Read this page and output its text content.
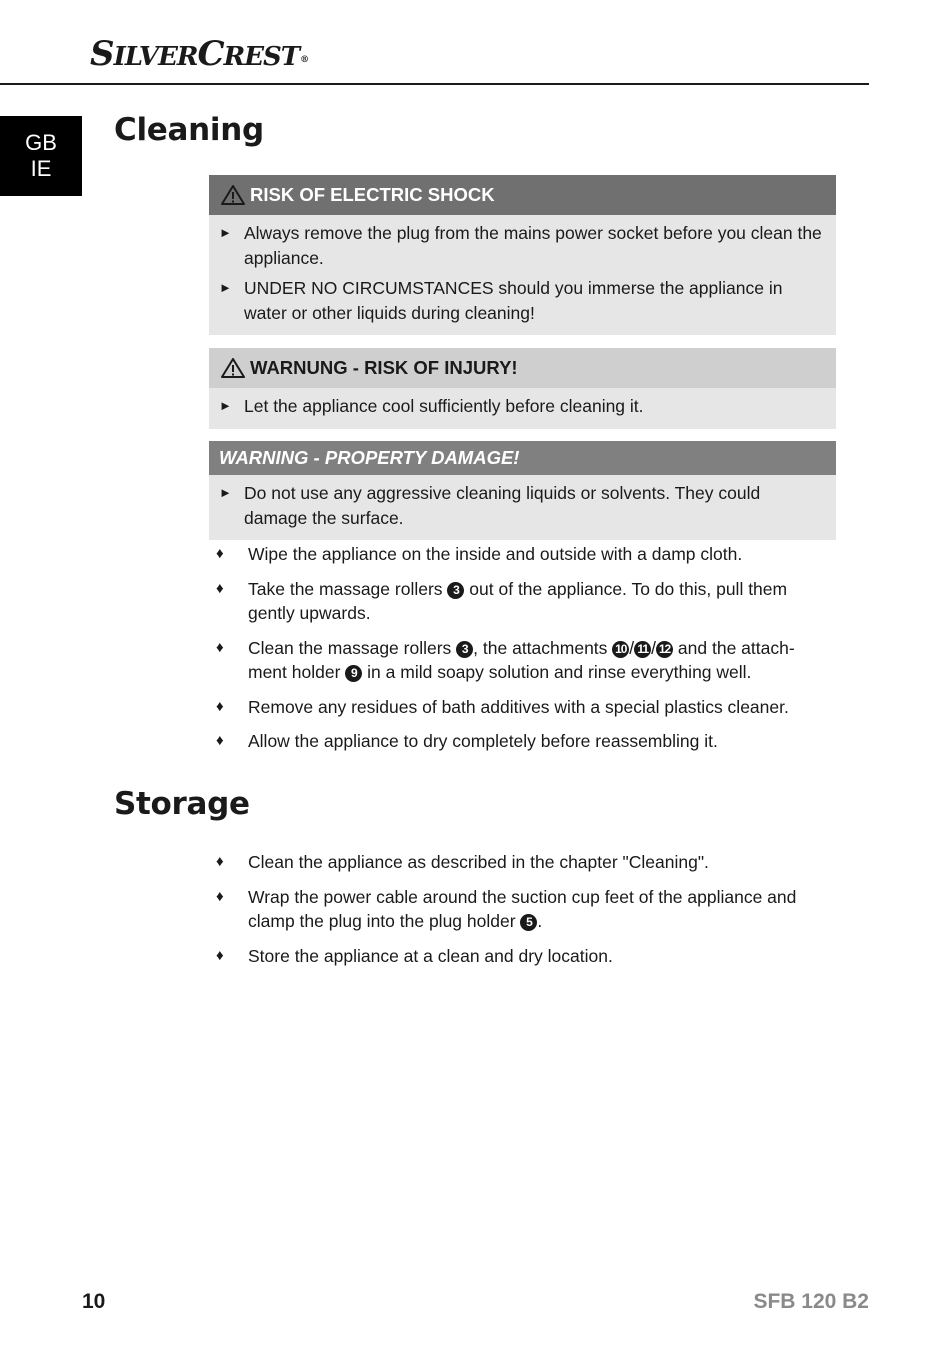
SILVERCREST®
GB
IE
Cleaning
RISK OF ELECTRIC SHOCK
► Always remove the plug from the mains power socket before you clean the appliance.
► UNDER NO CIRCUMSTANCES should you immerse the appliance in water or other liquids during cleaning!
WARNUNG - RISK OF INJURY!
► Let the appliance cool sufficiently before cleaning it.
WARNING - PROPERTY DAMAGE!
► Do not use any aggressive cleaning liquids or solvents. They could damage the surface.
♦	Wipe the appliance on the inside and outside with a damp cloth.
♦	Take the massage rollers 3 out of the appliance. To do this, pull them gently upwards.
♦	Clean the massage rollers 3 , the attachments 10 / 11 / 12 and the attach-ment holder 9 in a mild soapy solution and rinse everything well.
♦	Remove any residues of bath additives with a special plastics cleaner.
♦	Allow the appliance to dry completely before reassembling it.
Storage
♦	Clean the appliance as described in the chapter "Cleaning".
♦	Wrap the power cable around the suction cup feet of the appliance and clamp the plug into the plug holder 5 .
♦	Store the appliance at a clean and dry location.
10	SFB 120 B2
